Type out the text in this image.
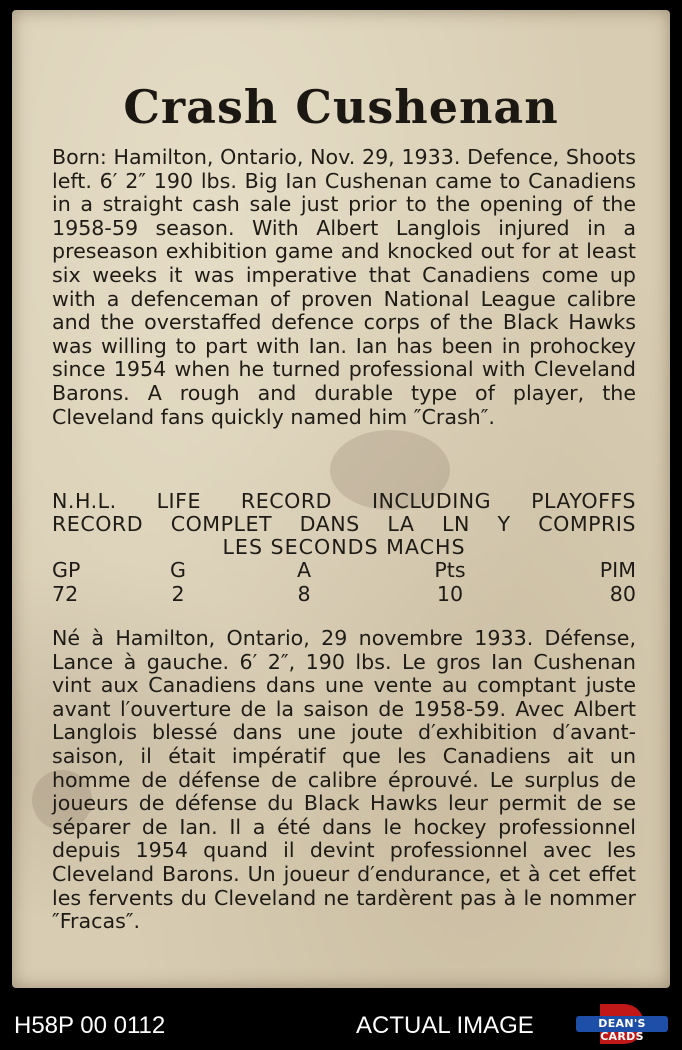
Crash Cushenan
Born: Hamilton, Ontario, Nov. 29, 1933. Defence, Shoots left. 6′ 2″ 190 lbs. Big Ian Cushenan came to Canadiens in a straight cash sale just prior to the opening of the 1958-59 season. With Albert Langlois injured in a preseason exhibition game and knocked out for at least six weeks it was imperative that Canadiens come up with a defenceman of proven National League calibre and the overstaffed defence corps of the Black Hawks was willing to part with Ian. Ian has been in prohockey since 1954 when he turned professional with Cleveland Barons. A rough and durable type of player, the Cleveland fans quickly named him ″Crash″.
N.H.L. LIFE RECORD INCLUDING PLAYOFFS
RECORD COMPLET DANS LA LN Y COMPRIS
LES SECONDS MACHS
GP	G	A	Pts	PIM
72	2	8	10	80
Né à Hamilton, Ontario, 29 novembre 1933. Défense, Lance à gauche. 6′ 2″, 190 lbs. Le gros Ian Cushenan vint aux Canadiens dans une vente au comptant juste avant l′ouverture de la saison de 1958-59. Avec Albert Langlois blessé dans une joute d′exhibition d′avant-saison, il était impératif que les Canadiens ait un homme de défense de calibre éprouvé. Le surplus de joueurs de défense du Black Hawks leur permit de se séparer de Ian. Il a été dans le hockey professionnel depuis 1954 quand il devint professionnel avec les Cleveland Barons. Un joueur d′endurance, et à cet effet les fervents du Cleveland ne tardèrent pas à le nommer ″Fracas″.
H58P 00 0112	ACTUAL IMAGE	DEAN'S CARDS
